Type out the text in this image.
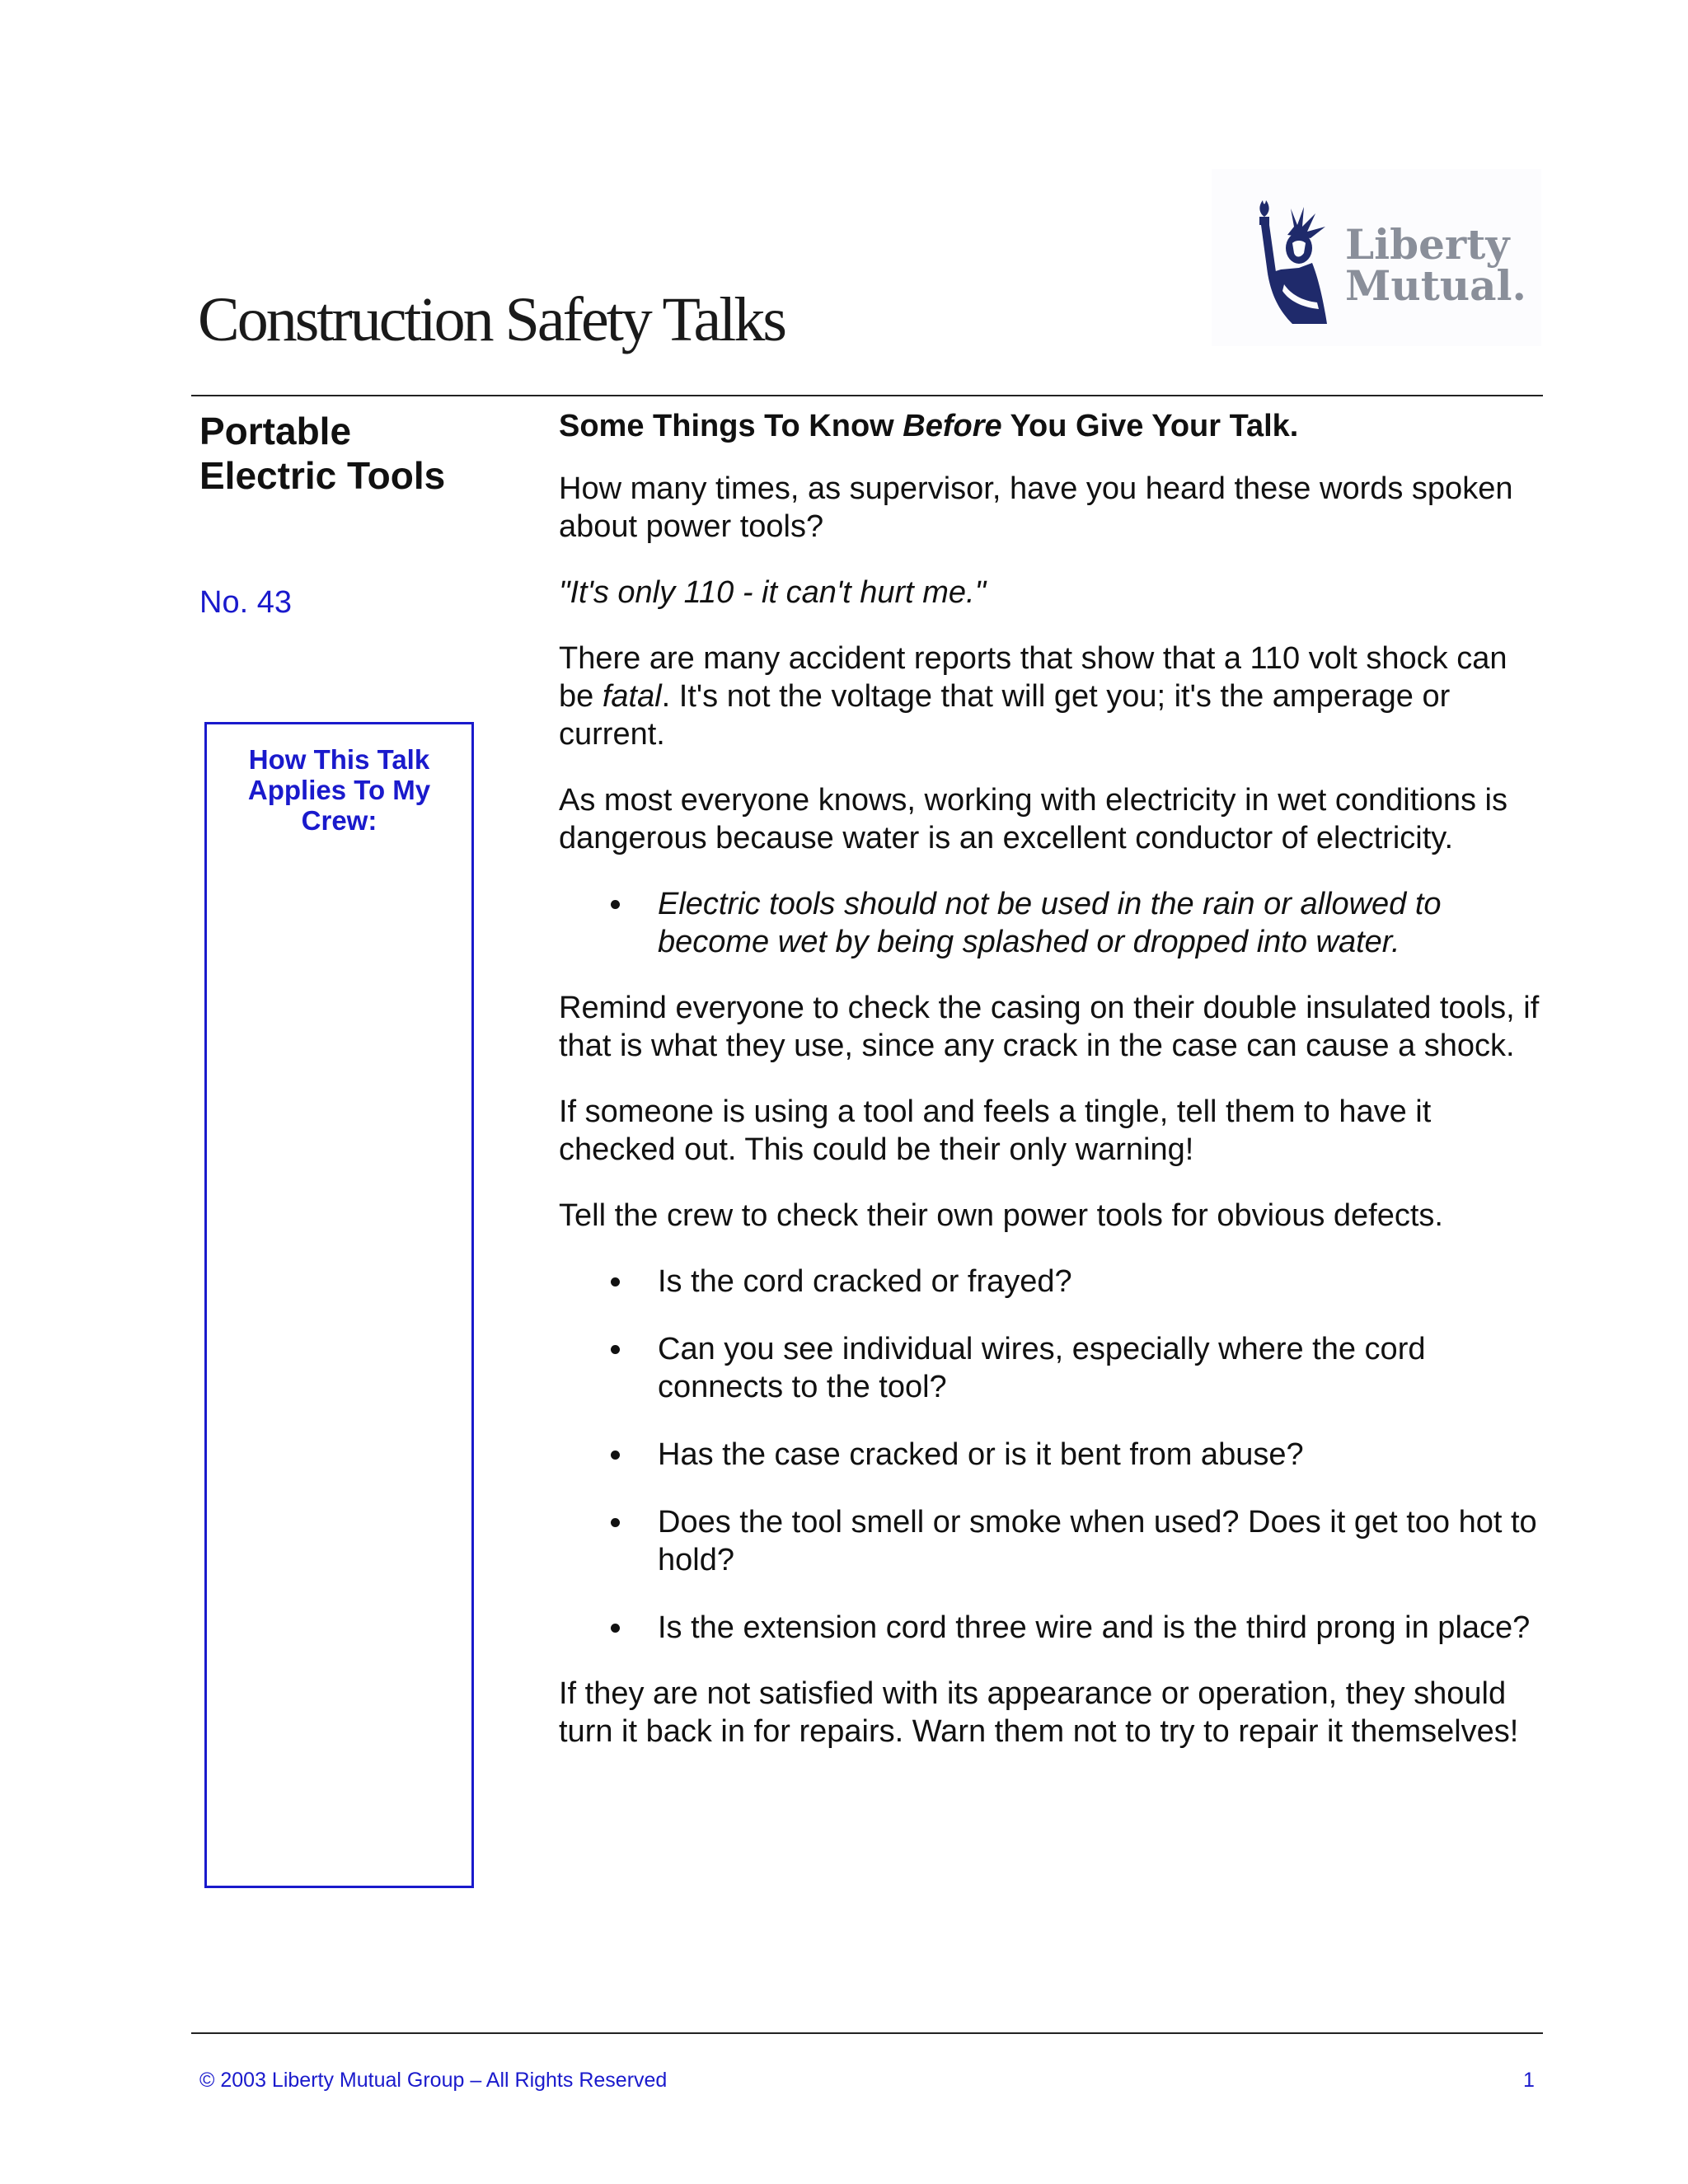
Liberty
Mutual.
Construction Safety Talks
Portable Electric Tools
No. 43
How This Talk Applies To My Crew:

Some Things To Know Before You Give Your Talk.

How many times, as supervisor, have you heard these words spoken about power tools?

"It's only 110 - it can't hurt me."

There are many accident reports that show that a 110 volt shock can be fatal. It's not the voltage that will get you; it's the amperage or current.

As most everyone knows, working with electricity in wet conditions is dangerous because water is an excellent conductor of electricity.

Electric tools should not be used in the rain or allowed to become wet by being splashed or dropped into water.

Remind everyone to check the casing on their double insulated tools, if that is what they use, since any crack in the case can cause a shock.

If someone is using a tool and feels a tingle, tell them to have it checked out. This could be their only warning!

Tell the crew to check their own power tools for obvious defects.

Is the cord cracked or frayed?
Can you see individual wires, especially where the cord connects to the tool?
Has the case cracked or is it bent from abuse?
Does the tool smell or smoke when used? Does it get too hot to hold?
Is the extension cord three wire and is the third prong in place?

If they are not satisfied with its appearance or operation, they should turn it back in for repairs. Warn them not to try to repair it themselves!

© 2003 Liberty Mutual Group – All Rights Reserved	1
